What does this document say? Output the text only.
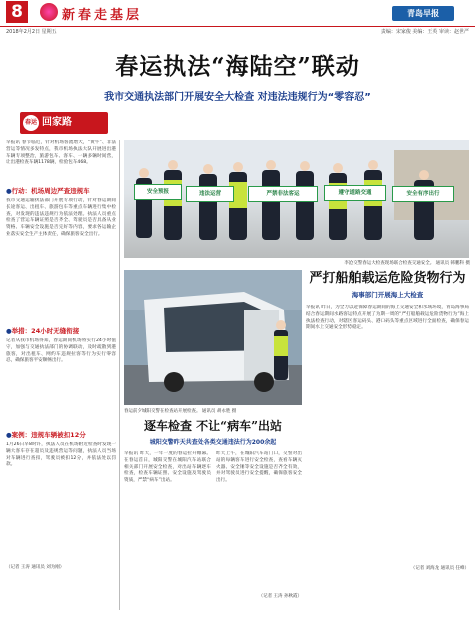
8	新春走基层	青岛早报
2018年2月2日 星期五	责编：宋家俊 美编：王英 审读：赵世严
春运执法“海陆空”联动
我市交通执法部门开展安全大检查 对违法违规行为“零容忍”
春运 回家路
早报讯 春节临近，针对机场客流增大，“黄牛”、非法营运等情况多发特点，我市机场执法大队开展进出港车辆专项整治，旅游包车、客车、一辆多辆时间营，让出港检查车辆1178辆，检验包车468。
●行动：机场周边严查违规车
我市交通运输执法部门开展专项行动，针对春运期间长途客运、出租车、旅游包车等重点车辆进行集中检查，对发现的违法违规行为依法处理。执法人员重点检查了营运车辆证照是否齐全、驾驶员是否具备从业资格、车辆安全设施是否完好等内容，要求各运输企业落实安全生产主体责任，确保旅客安全出行。
●举措：24小时无缝衔接
记者从我市机场得知，春运期间机场将实行24小时值守，加强与交通执法部门的协调联动，及时疏散到港旅客，对出租车、网约车违规拉客等行为实行零容忍，确保旅客平安顺畅出行。
●案例：违规车辆被扣12分
1月26日早8时许，执法人员在机场附近检查时发现一辆大客车存在超员及违规营运等问题，执法人员当场对车辆进行查扣，驾驶员被扣12分，并依法处以罚款。
（记者 王涛 通讯员 刘为刚）
安全预报	违法运营	严禁非法客运	遵守道路交通	安全有序出行
李沧交警春运大检查现场联合检查交通安全。 通讯员 韩鹏科 摄
春运前夕城阳交警在检查站开展检查。 通讯员 胡永胜 摄
严打船舶载运危险货物行为
海事部门开展海上大检查
早报讯 昨日，为全力以赴保障春运期间的海上交通安全和水域环境，青岛海事局结合春运期间水路客运特点开展了为期一周的“严打船舶载运危险货物行为”海上执法检查行动，对辖区客运码头、港口码头等重点区域进行全面检查，确保春运期间水上交通安全形势稳定。
（记者 刘海龙 通讯员 任峰）
逐车检查 不让“病车”出站
城阳交警昨天共查处各类交通违法行为200余起
早报讯 昨天，一年一度的春运拉开帷幕。在春运首日，城阳交警在城阳汽车站联合相关部门开展安全检查，对出站车辆逐车检查，检查车辆证照、安全设施及驾驶员资质，严禁“病车”出站。
昨天上午，在城阳汽车站门口，交警对出站的每辆客车进行安全检查，查看车辆灭火器、安全锤等安全设施是否齐全有效，并对驾驶员进行安全提醒，确保旅客安全出行。
（记者 王涛 孙秋霞）
